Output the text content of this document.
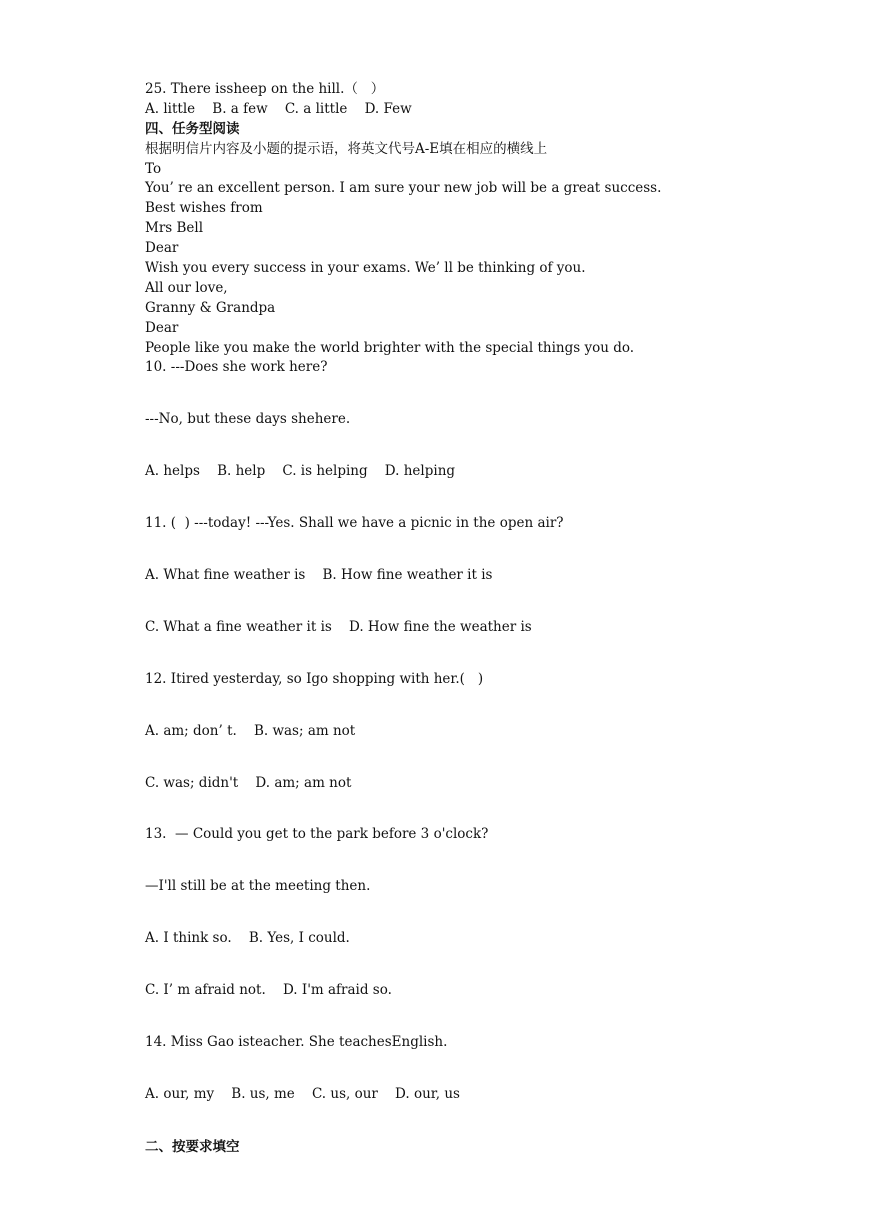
25. There issheep on the hill.（   ）
A. little    B. a few    C. a little    D. Few
四、任务型阅读
根据明信片内容及小题的提示语，将英文代号A-E填在相应的横线上
To
You’ re an excellent person. I am sure your new job will be a great success.
Best wishes from
Mrs Bell
Dear
Wish you every success in your exams. We’ ll be thinking of you.
All our love,
Granny & Grandpa
Dear
People like you make the world brighter with the special things you do.
10. ---Does she work here?
---No, but these days shehere.
A. helps    B. help    C. is helping    D. helping
11. (  ) ---today! ---Yes. Shall we have a picnic in the open air?
A. What fine weather is    B. How fine weather it is
C. What a fine weather it is    D. How fine the weather is
12. Itired yesterday, so Igo shopping with her.(   )
A. am; don’ t.    B. was; am not
C. was; didn't    D. am; am not
13.  — Could you get to the park before 3 o'clock?
—I'll still be at the meeting then.
A. I think so.    B. Yes, I could.
C. I’ m afraid not.    D. I'm afraid so.
14. Miss Gao isteacher. She teachesEnglish.
A. our, my    B. us, me    C. us, our    D. our, us
二、按要求填空
